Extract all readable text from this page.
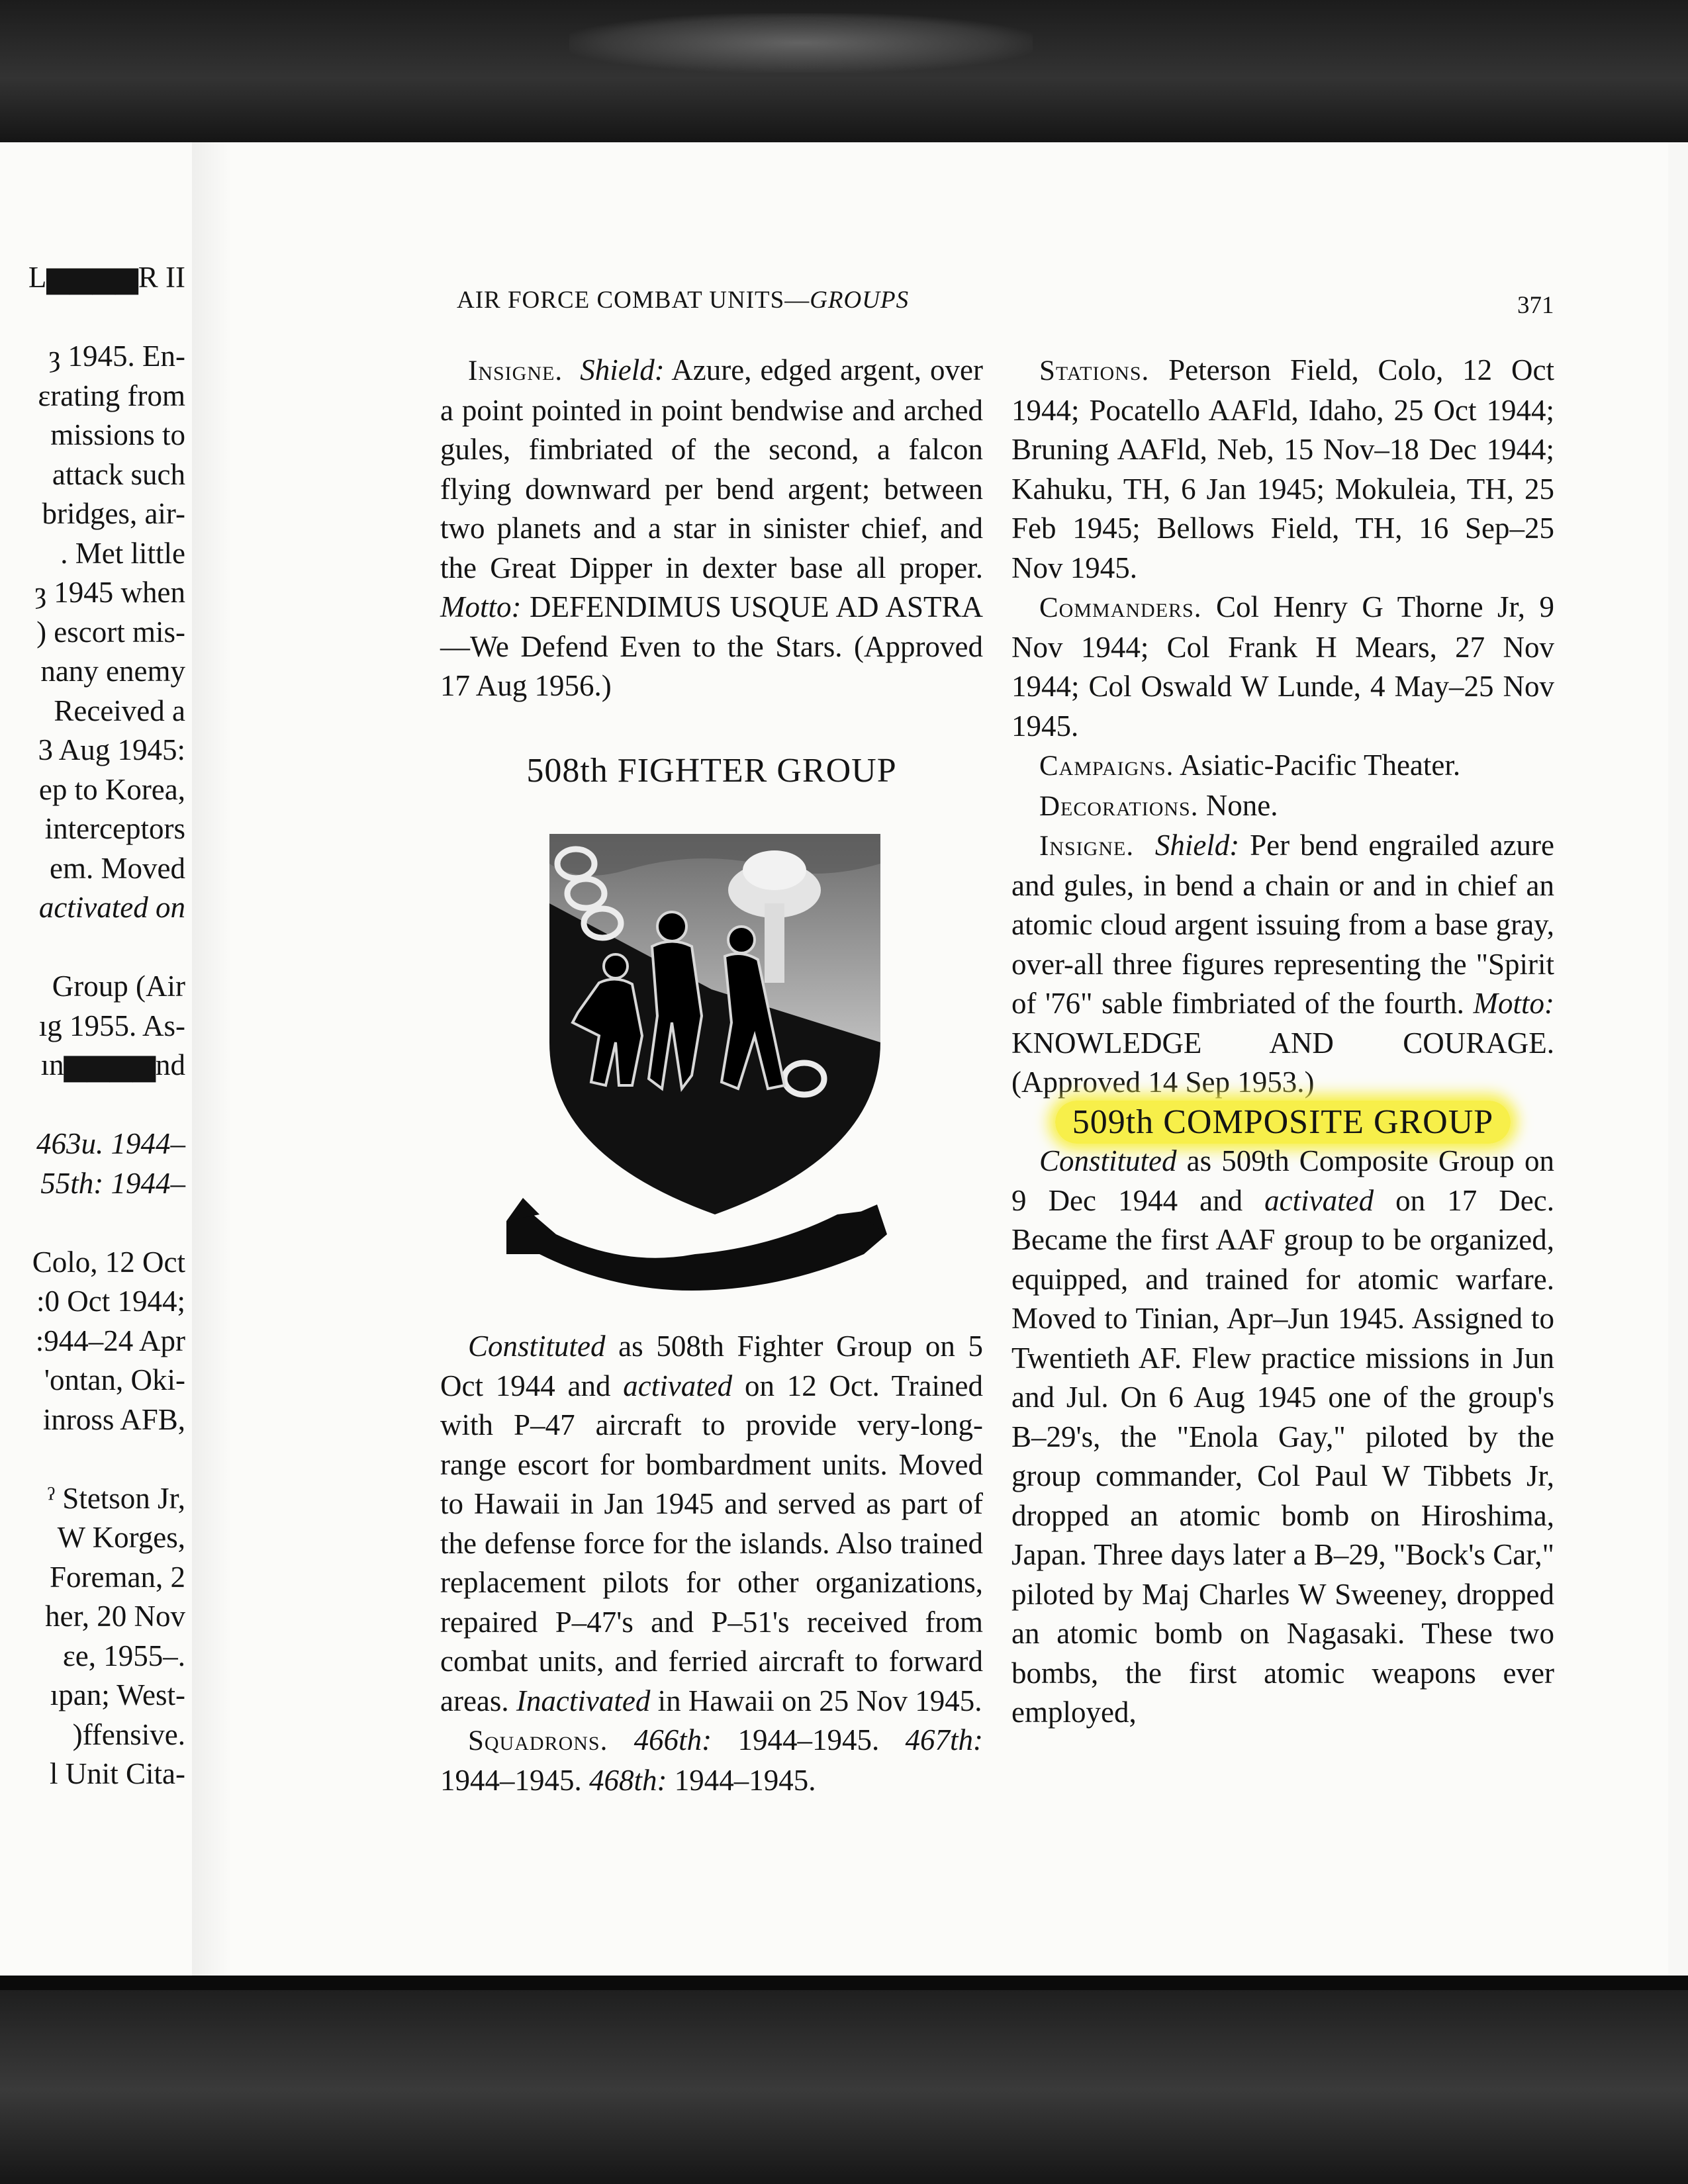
L▆▆▆▆R II
ȝ 1945. En-
ɛrating from
missions to
attack such
bridges, air-
. Met little
ȝ 1945 when
) escort mis-
nany enemy
Received a
3 Aug 1945:
ep to Korea,
interceptors
em. Moved
activated on
Group (Air
ıg 1955. As-
ın▆▆▆▆nd
463u. 1944–
55th: 1944–
Colo, 12 Oct
:0 Oct 1944;
:944–24 Apr
'ontan, Oki-
inross AFB,
ˀ Stetson Jr,
W Korges,
Foreman, 2
her, 20 Nov
ɛe, 1955–.
ıpan; West-
)ffensive.
l Unit Cita-
AIR FORCE COMBAT UNITS—GROUPS	371

Insigne. Shield: Azure, edged argent, over a point pointed in point bendwise and arched gules, fimbriated of the second, a falcon flying downward per bend argent; between two planets and a star in sinister chief, and the Great Dipper in dexter base all proper. Motto: DEFENDIMUS USQUE AD ASTRA—We Defend Even to the Stars. (Approved 17 Aug 1956.)

508th FIGHTER GROUP

Constituted as 508th Fighter Group on 5 Oct 1944 and activated on 12 Oct. Trained with P–47 aircraft to provide very-long-range escort for bombardment units. Moved to Hawaii in Jan 1945 and served as part of the defense force for the islands. Also trained replacement pilots for other organizations, repaired P–47's and P–51's received from combat units, and ferried aircraft to forward areas. Inactivated in Hawaii on 25 Nov 1945.

Squadrons. 466th: 1944–1945. 467th: 1944–1945. 468th: 1944–1945.

Stations. Peterson Field, Colo, 12 Oct 1944; Pocatello AAFld, Idaho, 25 Oct 1944; Bruning AAFld, Neb, 15 Nov–18 Dec 1944; Kahuku, TH, 6 Jan 1945; Mokuleia, TH, 25 Feb 1945; Bellows Field, TH, 16 Sep–25 Nov 1945.

Commanders. Col Henry G Thorne Jr, 9 Nov 1944; Col Frank H Mears, 27 Nov 1944; Col Oswald W Lunde, 4 May–25 Nov 1945.

Campaigns. Asiatic-Pacific Theater.

Decorations. None.

Insigne. Shield: Per bend engrailed azure and gules, in bend a chain or and in chief an atomic cloud argent issuing from a base gray, over-all three figures representing the "Spirit of '76" sable fimbriated of the fourth. Motto: KNOWLEDGE AND COURAGE. (Approved 14 Sep 1953.)

509th COMPOSITE GROUP

Constituted as 509th Composite Group on 9 Dec 1944 and activated on 17 Dec. Became the first AAF group to be organized, equipped, and trained for atomic warfare. Moved to Tinian, Apr–Jun 1945. Assigned to Twentieth AF. Flew practice missions in Jun and Jul. On 6 Aug 1945 one of the group's B–29's, the "Enola Gay," piloted by the group commander, Col Paul W Tibbets Jr, dropped an atomic bomb on Hiroshima, Japan. Three days later a B–29, "Bock's Car," piloted by Maj Charles W Sweeney, dropped an atomic bomb on Nagasaki. These two bombs, the first atomic weapons ever employed,
